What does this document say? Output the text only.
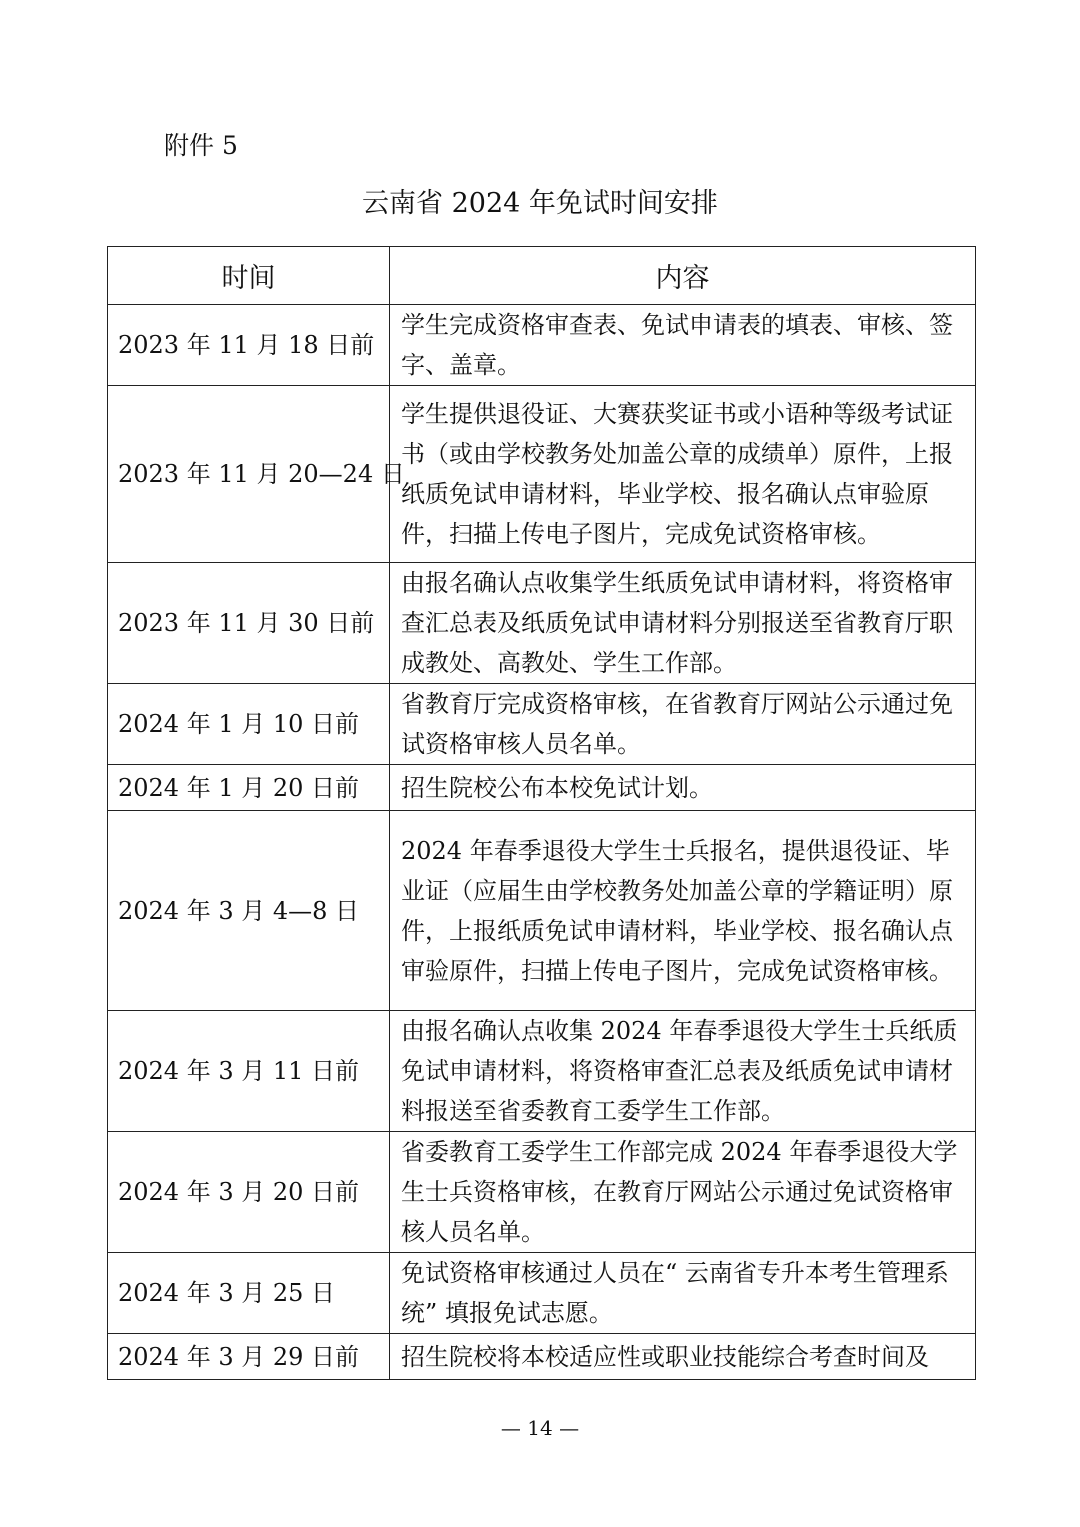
附件 5
云南省 2024 年免试时间安排
时间	内容
2023 年 11 月 18 日前	学生完成资格审查表、免试申请表的填表、审核、签字、盖章。
2023 年 11 月 20—24 日	学生提供退役证、大赛获奖证书或小语种等级考试证书（或由学校教务处加盖公章的成绩单）原件，上报纸质免试申请材料，毕业学校、报名确认点审验原件，扫描上传电子图片，完成免试资格审核。
2023 年 11 月 30 日前	由报名确认点收集学生纸质免试申请材料，将资格审查汇总表及纸质免试申请材料分别报送至省教育厅职成教处、高教处、学生工作部。
2024 年 1 月 10 日前	省教育厅完成资格审核，在省教育厅网站公示通过免试资格审核人员名单。
2024 年 1 月 20 日前	招生院校公布本校免试计划。
2024 年 3 月 4—8 日	2024 年春季退役大学生士兵报名，提供退役证、毕业证（应届生由学校教务处加盖公章的学籍证明）原件，上报纸质免试申请材料，毕业学校、报名确认点审验原件，扫描上传电子图片，完成免试资格审核。
2024 年 3 月 11 日前	由报名确认点收集 2024 年春季退役大学生士兵纸质免试申请材料，将资格审查汇总表及纸质免试申请材料报送至省委教育工委学生工作部。
2024 年 3 月 20 日前	省委教育工委学生工作部完成 2024 年春季退役大学生士兵资格审核，在教育厅网站公示通过免试资格审核人员名单。
2024 年 3 月 25 日	免试资格审核通过人员在“ 云南省专升本考生管理系统” 填报免试志愿。
2024 年 3 月 29 日前	招生院校将本校适应性或职业技能综合考查时间及
— 14 —
